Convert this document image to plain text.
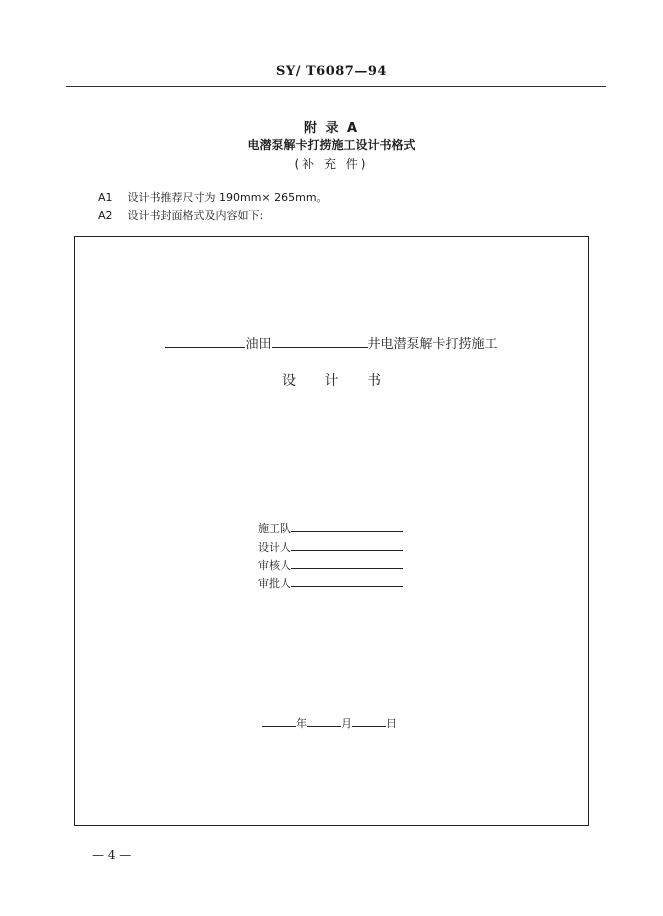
SY/ T6087—94
附 录 A
电潜泵解卡打捞施工设计书格式
(补 充 件)
A1 设计书推荐尺寸为 190mm× 265mm。
A2 设计书封面格式及内容如下:
油田	井电潜泵解卡打捞施工
设 计 书
施工队
设计人
审核人
审批人
年	月	日
— 4 —
